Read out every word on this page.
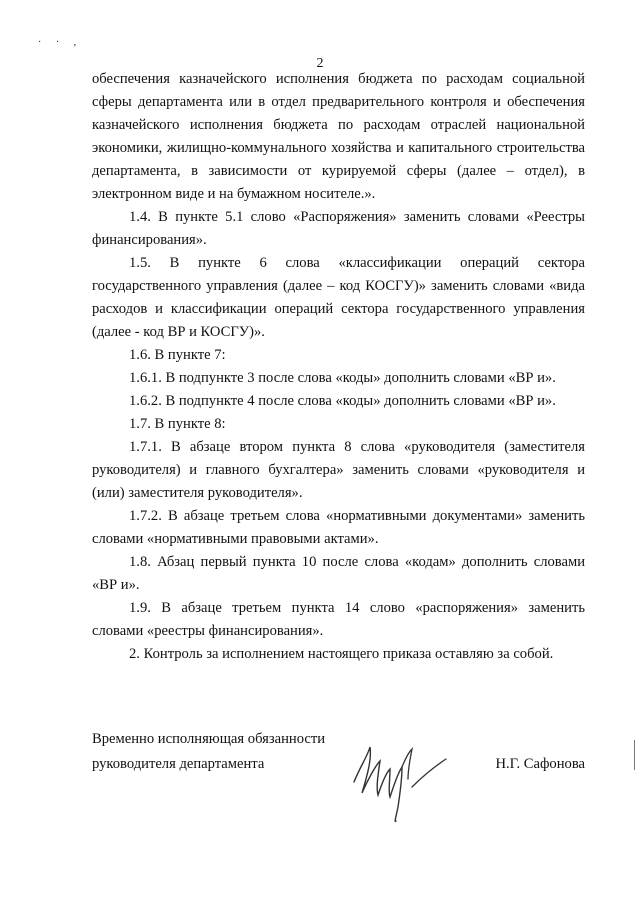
· · ,
2

обеспечения казначейского исполнения бюджета по расходам социальной сферы департамента или в отдел предварительного контроля и обеспечения казначейского исполнения бюджета по расходам отраслей национальной экономики, жилищно-коммунального хозяйства и капитального строительства департамента, в зависимости от курируемой сферы (далее – отдел), в электронном виде и на бумажном носителе.».

1.4. В пункте 5.1 слово «Распоряжения» заменить словами «Реестры финансирования».

1.5. В пункте 6 слова «классификации операций сектора государственного управления (далее – код КОСГУ)» заменить словами «вида расходов и классификации операций сектора государственного управления (далее - код ВР и КОСГУ)».

1.6. В пункте 7:

1.6.1. В подпункте 3 после слова «коды» дополнить словами «ВР и».

1.6.2. В подпункте 4 после слова «коды» дополнить словами «ВР и».

1.7. В пункте 8:

1.7.1. В абзаце втором пункта 8 слова «руководителя (заместителя руководителя) и главного бухгалтера» заменить словами «руководителя и (или) заместителя руководителя».

1.7.2. В абзаце третьем слова «нормативными документами» заменить словами «нормативными правовыми актами».

1.8. Абзац первый пункта 10 после слова «кодам» дополнить словами «ВР и».

1.9. В абзаце третьем пункта 14 слово «распоряжения» заменить словами «реестры финансирования».

2. Контроль за исполнением настоящего приказа оставляю за собой.

Временно исполняющая обязанности
руководителя департамента	Н.Г. Сафонова
